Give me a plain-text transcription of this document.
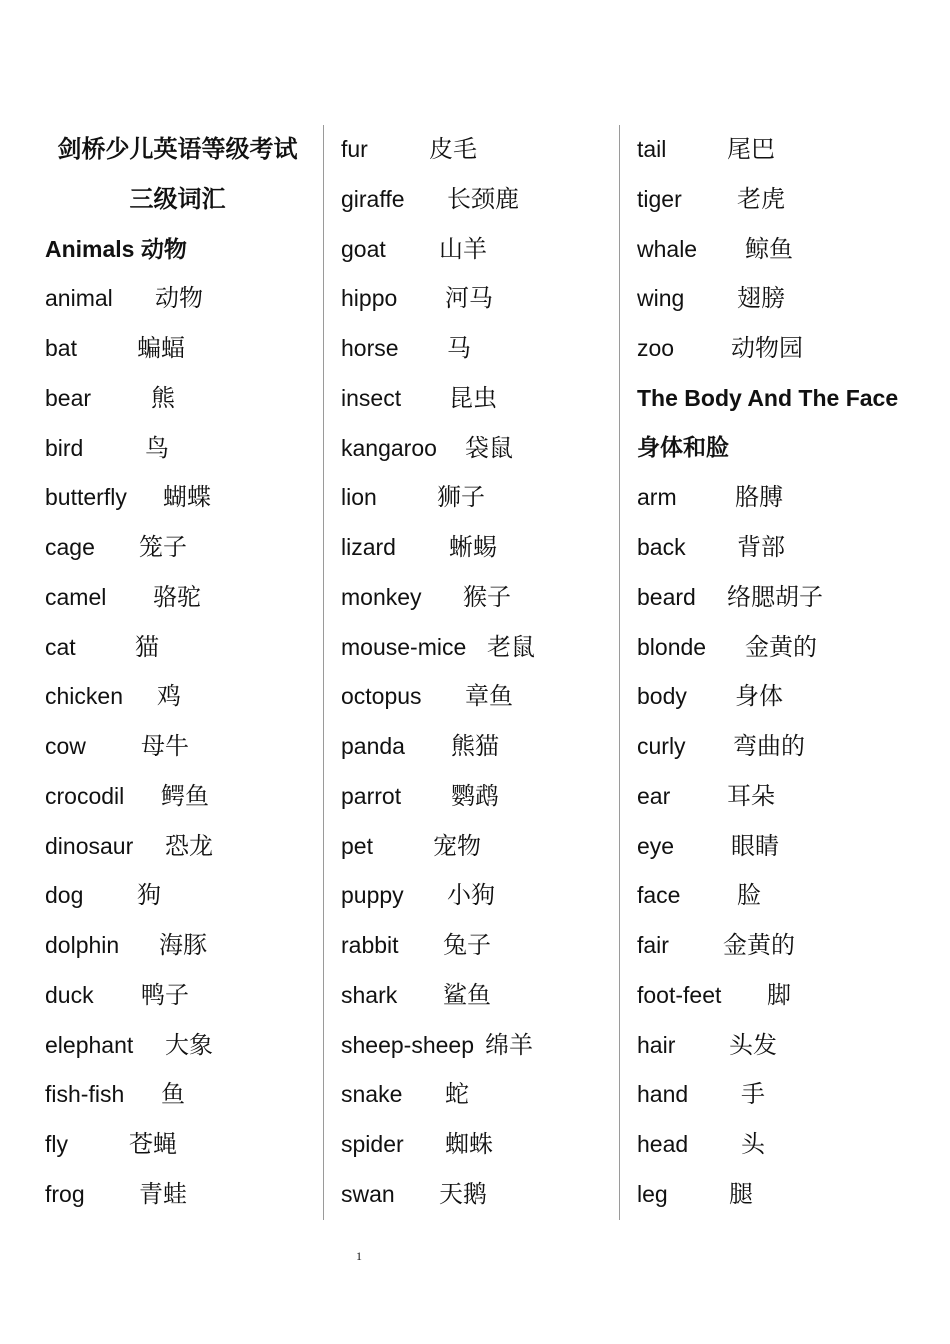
剑桥少儿英语等级考试
三级词汇
Animals 动物
animal 动物
bat	蝙蝠
bear 熊
bird	鸟
butterfly 蝴蝶
cage 笼子
camel 骆驼
cat 猫
chicken 鸡
cow 母牛
crocodil 鳄鱼
dinosaur 恐龙
dog 狗
dolphin 海豚
duck 鸭子
elephant 大象
fish-fish 鱼
fly	苍蝇
frog 青蛙
fur	皮毛
giraffe 长颈鹿
goat 山羊
hippo 河马
horse 马
insect 昆虫
kangaroo 袋鼠
lion	狮子
lizard 蜥蜴
monkey 猴子
mouse-mice 老鼠
octopus 章鱼
panda 熊猫
parrot 鹦鹉
pet	宠物
puppy 小狗
rabbit 兔子
shark 鲨鱼
sheep-sheep 绵羊
snake 蛇
spider 蜘蛛
swan 天鹅
tail	尾巴
tiger 老虎
whale 鲸鱼
wing 翅膀
zoo 动物园
The Body And The Face
身体和脸
arm 胳膊
back 背部
beard 络腮胡子
blonde 金黄的
body 身体
curly 弯曲的
ear 耳朵
eye 眼睛
face 脸
fair 金黄的
foot-feet 脚
hair 头发
hand 手
head 头
leg	腿
1
